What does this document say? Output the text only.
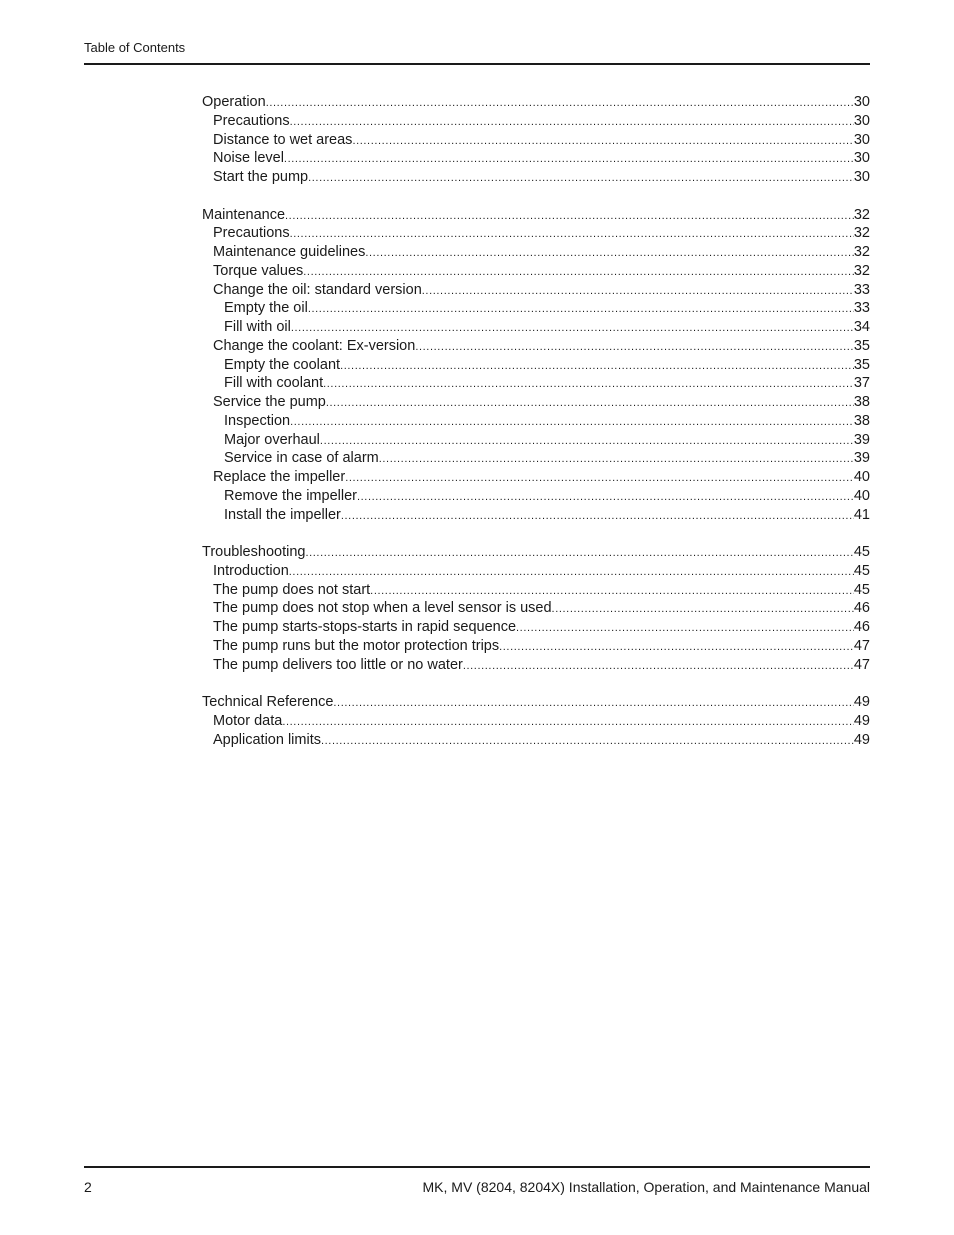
Table of Contents
Operation .....	30
Precautions .....	30
Distance to wet areas .....	30
Noise level .....	30
Start the pump .....	30
Maintenance .....	32
Precautions .....	32
Maintenance guidelines .....	32
Torque values .....	32
Change the oil: standard version .....	33
Empty the oil .....	33
Fill with oil .....	34
Change the coolant: Ex-version .....	35
Empty the coolant .....	35
Fill with coolant .....	37
Service the pump .....	38
Inspection .....	38
Major overhaul .....	39
Service in case of alarm .....	39
Replace the impeller .....	40
Remove the impeller .....	40
Install the impeller .....	41
Troubleshooting .....	45
Introduction .....	45
The pump does not start .....	45
The pump does not stop when a level sensor is used .....	46
The pump starts-stops-starts in rapid sequence .....	46
The pump runs but the motor protection trips .....	47
The pump delivers too little or no water .....	47
Technical Reference .....	49
Motor data .....	49
Application limits .....	49
2	MK, MV (8204, 8204X) Installation, Operation, and Maintenance Manual
